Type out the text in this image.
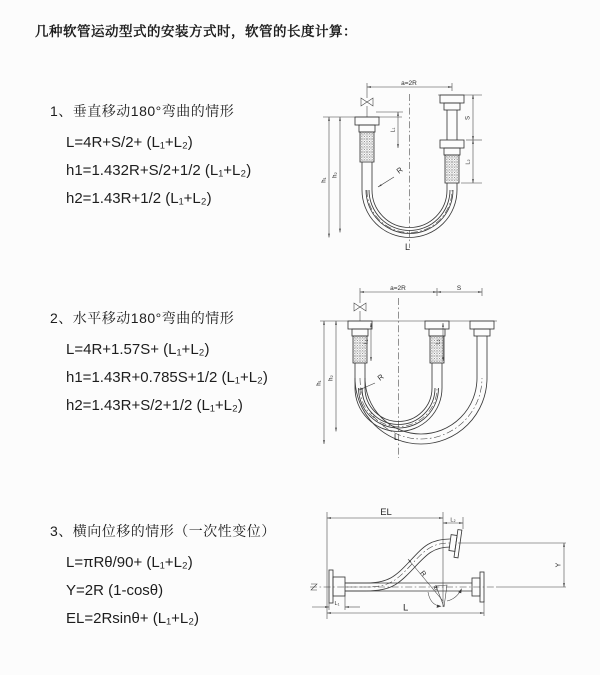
几种软管运动型式的安装方式时，软管的长度计算：
1、垂直移动180°弯曲的情形
L=4R+S/2+ (L₁+L₂)
h1=1.432R+S/2+1/2 (L₁+L₂)
h2=1.43R+1/2 (L₁+L₂)
2、水平移动180°弯曲的情形
L=4R+1.57S+ (L₁+L₂)
h1=1.43R+0.785S+1/2 (L₁+L₂)
h2=1.43R+S/2+1/2 (L₁+L₂)
3、横向位移的情形（一次性变位）
L=πRθ/90+ (L₁+L₂)
Y=2R (1-cosθ)
EL=2Rsinθ+ (L₁+L₂)
a=2R
h₁
h₂
S
L₂
L₁
R
L
a=2R	S
h₁
h₂
L₁	L₂
R
L
EL
L₂
Y
L
L₁
R
θ
